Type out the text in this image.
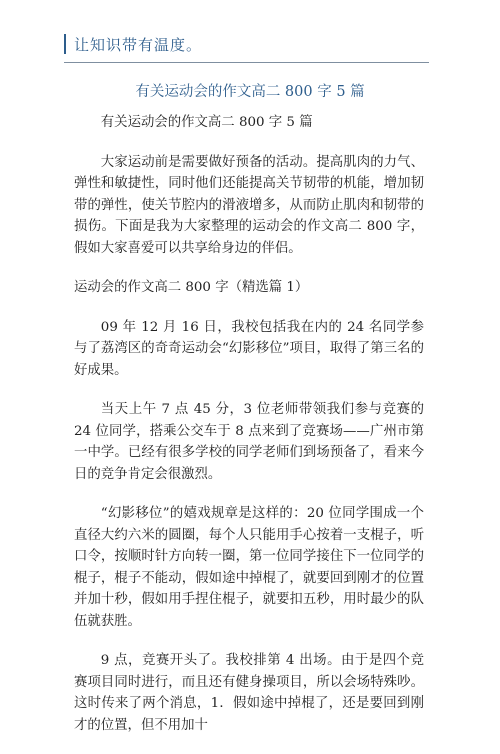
让知识带有温度。
有关运动会的作文高二 800 字 5 篇

有关运动会的作文高二 800 字 5 篇

大家运动前是需要做好预备的活动。提高肌肉的力气、弹性和敏捷性，同时他们还能提高关节韧带的机能，增加韧带的弹性，使关节腔内的滑液增多，从而防止肌肉和韧带的损伤。下面是我为大家整理的运动会的作文高二 800 字，假如大家喜爱可以共享给身边的伴侣。

运动会的作文高二 800 字（精选篇 1）

09 年 12 月 16 日，我校包括我在内的 24 名同学参与了荔湾区的奇奇运动会“幻影移位”项目，取得了第三名的好成果。

当天上午 7 点 45 分，3 位老师带领我们参与竞赛的 24 位同学，搭乘公交车于 8 点来到了竞赛场——广州市第一中学。已经有很多学校的同学老师们到场预备了，看来今日的竞争肯定会很激烈。

“幻影移位”的嬉戏规章是这样的：20 位同学围成一个直径大约六米的圆圈，每个人只能用手心按着一支棍子，听口令，按顺时针方向转一圈，第一位同学接住下一位同学的棍子，棍子不能动，假如途中掉棍了，就要回到刚才的位置并加十秒，假如用手捏住棍子，就要扣五秒，用时最少的队伍就获胜。

9 点，竞赛开头了。我校排第 4 出场。由于是四个竞赛项目同时进行，而且还有健身操项目，所以会场特殊吵。这时传来了两个消息，1．假如途中掉棍了，还是要回到刚才的位置，但不用加十
